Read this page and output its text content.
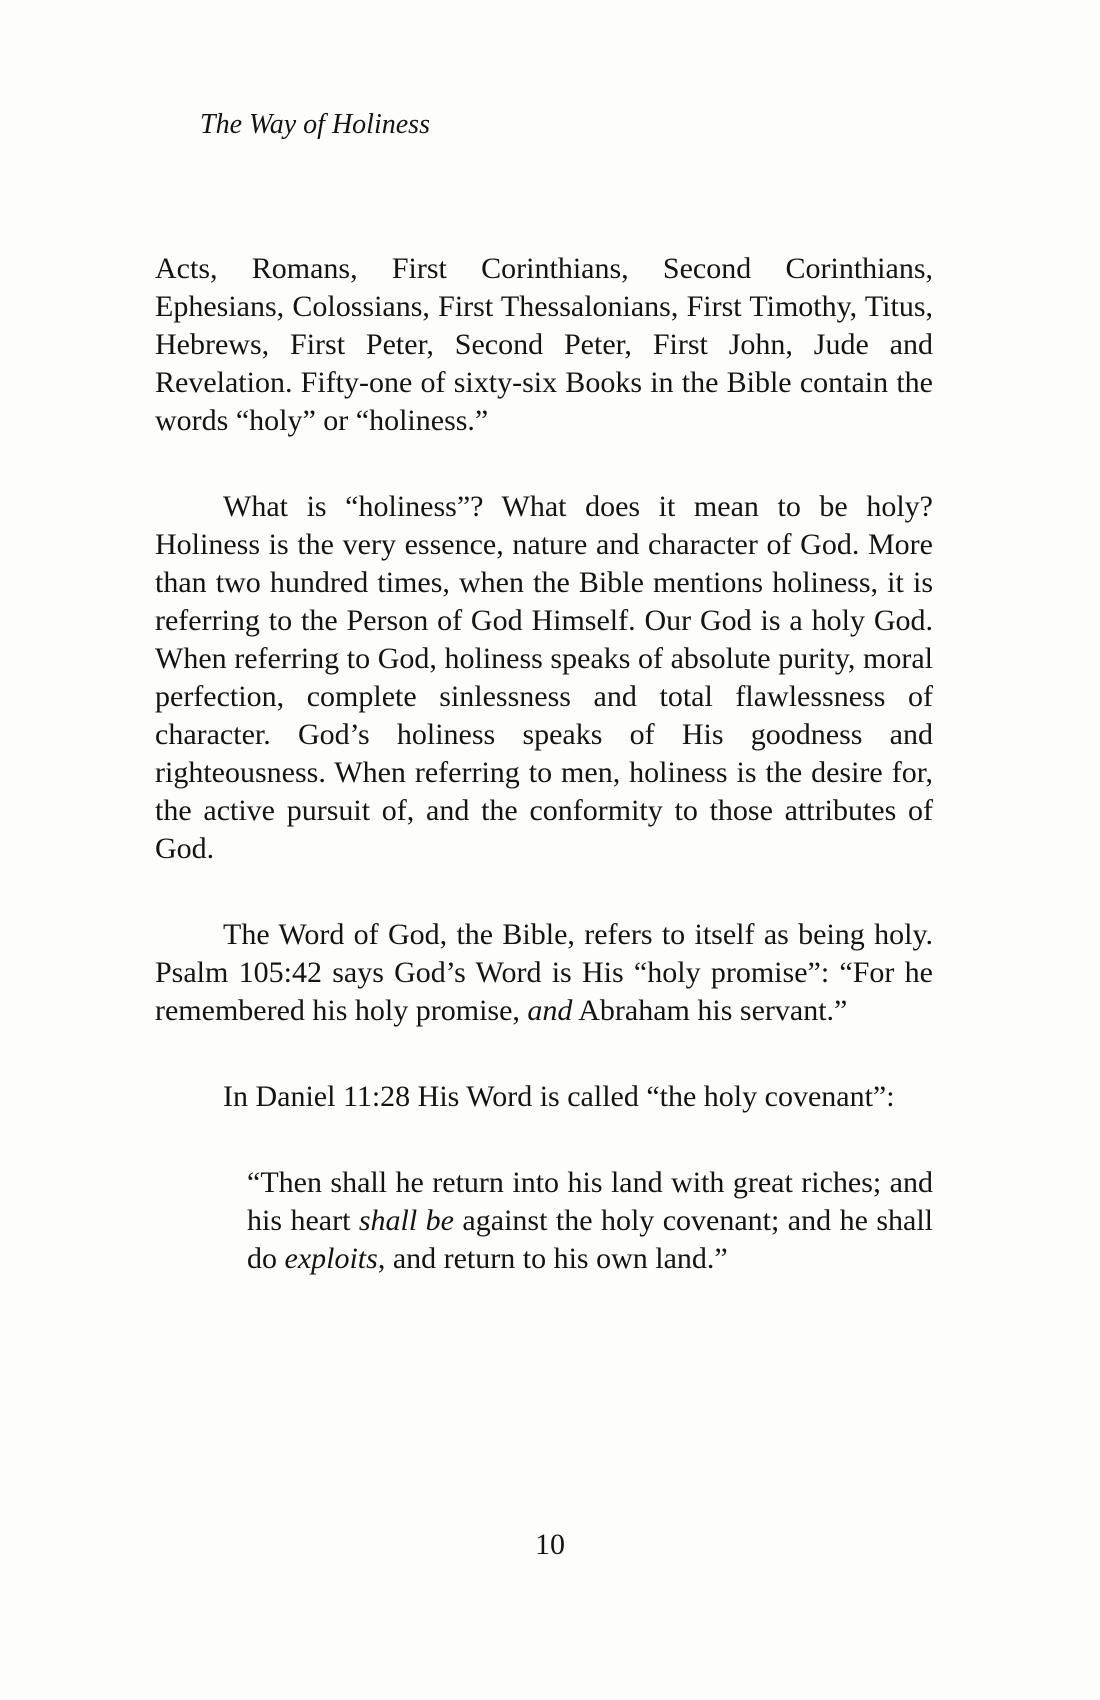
The Way of Holiness

Acts, Romans, First Corinthians, Second Corinthians, Ephesians, Colossians, First Thessalonians, First Timothy, Titus, Hebrews, First Peter, Second Peter, First John, Jude and Revelation. Fifty-one of sixty-six Books in the Bible contain the words “holy” or “holiness.”

What is “holiness”? What does it mean to be holy? Holiness is the very essence, nature and character of God. More than two hundred times, when the Bible mentions holiness, it is referring to the Person of God Himself. Our God is a holy God. When referring to God, holiness speaks of absolute purity, moral perfection, complete sinlessness and total flawlessness of character. God’s holiness speaks of His goodness and righteousness. When referring to men, holiness is the desire for, the active pursuit of, and the conformity to those attributes of God.

The Word of God, the Bible, refers to itself as being holy. Psalm 105:42 says God’s Word is His “holy promise”: “For he remembered his holy promise, and Abraham his servant.”

In Daniel 11:28 His Word is called “the holy covenant”:

“Then shall he return into his land with great riches; and his heart shall be against the holy covenant; and he shall do exploits, and return to his own land.”
10
